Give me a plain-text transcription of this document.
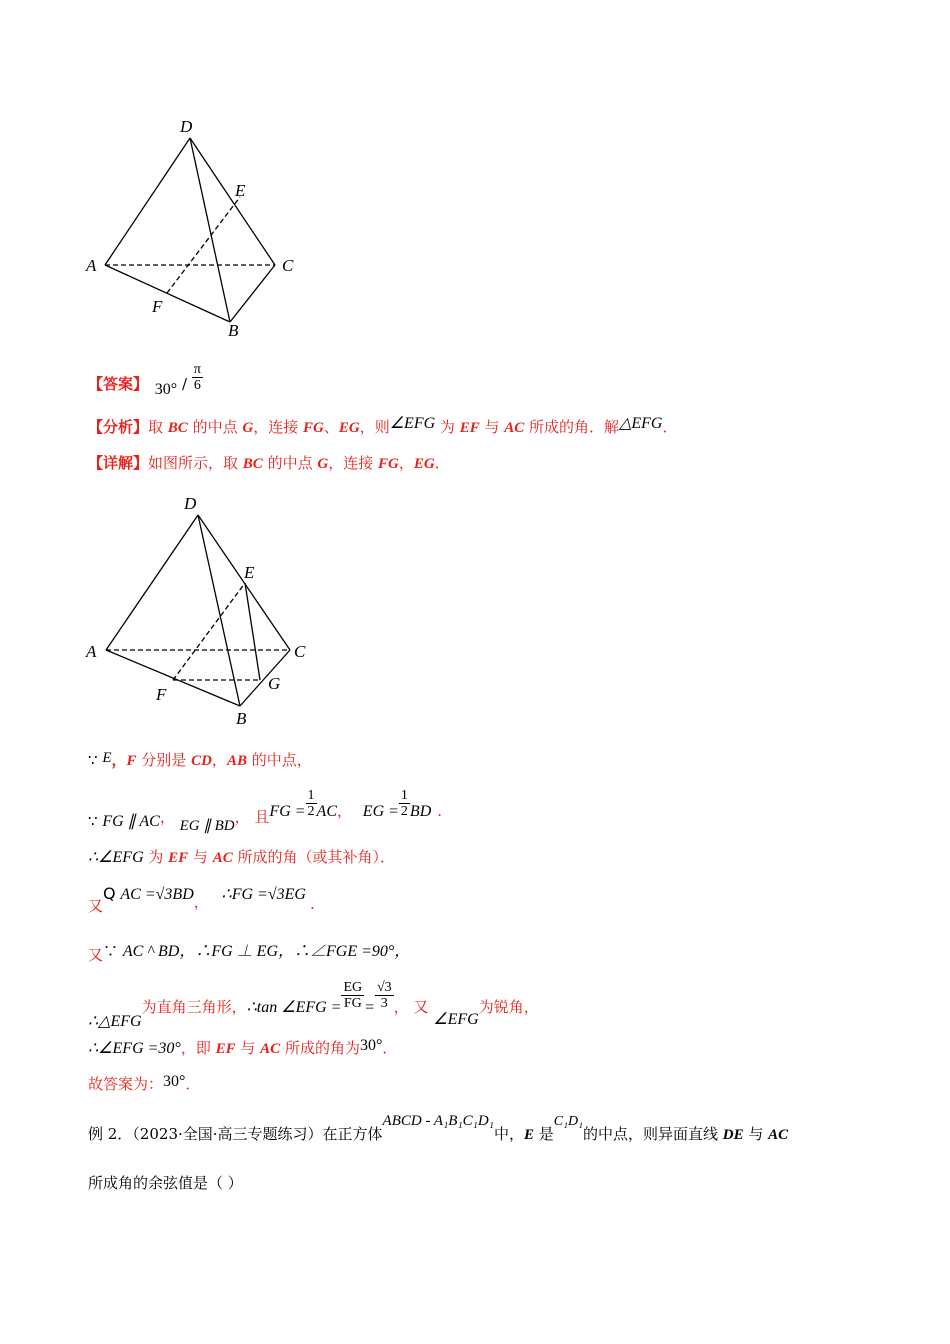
D
E
A	C
F
B
【答案】 $30^\circ / \frac{\pi}{6}$
【分析】取 BC 的中点 G，连接 FG、EG，则∠EFG 为 EF 与 AC 所成的角．解△EFG．
【详解】如图所示，取 BC 的中点 G，连接 FG，EG．
D
E
A	C
G
F
B
∵ E，F 分别是 CD，AB 的中点，
∵ FG ∥ AC， EG ∥ BD， 且FG = $\frac{1}{2}$ AC， EG = $\frac{1}{2}$ BD .
∴∠EFG 为 EF 与 AC 所成的角（或其补角）．
又Q AC =√3BD， ∴FG =√3EG.
又∵ AC ^ BD，∴FG ⊥ EG，∴∠FGE =90°，
∴△EFG为直角三角形，∴tan ∠EFG = $\frac{EG}{FG} = \frac{√3}{3}$ ， 又 ∠EFG为锐角，
∴∠EFG =30°，即 EF 与 AC 所成的角为30°．
故答案为：30°．
例 2．（2023·全国·高三专题练习）在正方体ABCD - A₁B₁C₁D₁中，E 是C₁D₁的中点，则异面直线 DE 与 AC
所成角的余弦值是（ ）
